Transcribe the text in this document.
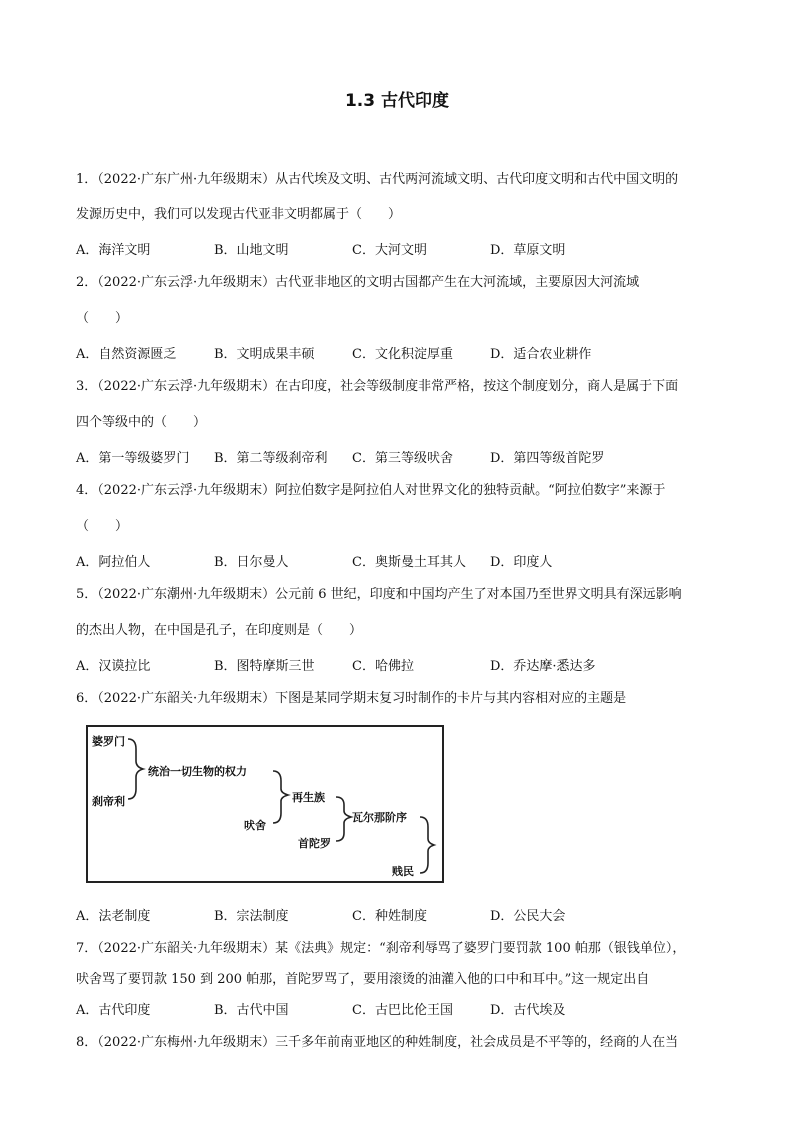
1.3 古代印度
1．（2022·广东广州·九年级期末）从古代埃及文明、古代两河流域文明、古代印度文明和古代中国文明的
发源历史中，我们可以发现古代亚非文明都属于（　　）
A．海洋文明	B．山地文明	C．大河文明	D．草原文明
2．（2022·广东云浮·九年级期末）古代亚非地区的文明古国都产生在大河流域，主要原因大河流域
（　　）
A．自然资源匮乏	B．文明成果丰硕	C．文化积淀厚重	D．适合农业耕作
3．（2022·广东云浮·九年级期末）在古印度，社会等级制度非常严格，按这个制度划分，商人是属于下面
四个等级中的（　　）
A．第一等级婆罗门 B．第二等级刹帝利 C．第三等级吠舍	D．第四等级首陀罗
4．（2022·广东云浮·九年级期末）阿拉伯数字是阿拉伯人对世界文化的独特贡献。“阿拉伯数字”来源于
（　　）
A．阿拉伯人	B．日尔曼人	C．奥斯曼土耳其人 D．印度人
5．（2022·广东潮州·九年级期末）公元前 6 世纪，印度和中国均产生了对本国乃至世界文明具有深远影响
的杰出人物，在中国是孔子，在印度则是（　　）
A．汉谟拉比	B．图特摩斯三世	C．哈佛拉	D．乔达摩·悉达多
6．（2022·广东韶关·九年级期末）下图是某同学期末复习时制作的卡片与其内容相对应的主题是
婆罗门
刹帝利
统治一切生物的权力
吠舍
再生族
首陀罗
瓦尔那阶序
贱民
A．法老制度	B．宗法制度	C．种姓制度	D．公民大会
7．（2022·广东韶关·九年级期末）某《法典》规定：“刹帝利辱骂了婆罗门要罚款 100 帕那（银钱单位），
吠舍骂了要罚款 150 到 200 帕那，首陀罗骂了，要用滚烫的油灌入他的口中和耳中。”这一规定出自
A．古代印度	B．古代中国	C．古巴比伦王国	D．古代埃及
8．（2022·广东梅州·九年级期末）三千多年前南亚地区的种姓制度，社会成员是不平等的，经商的人在当
